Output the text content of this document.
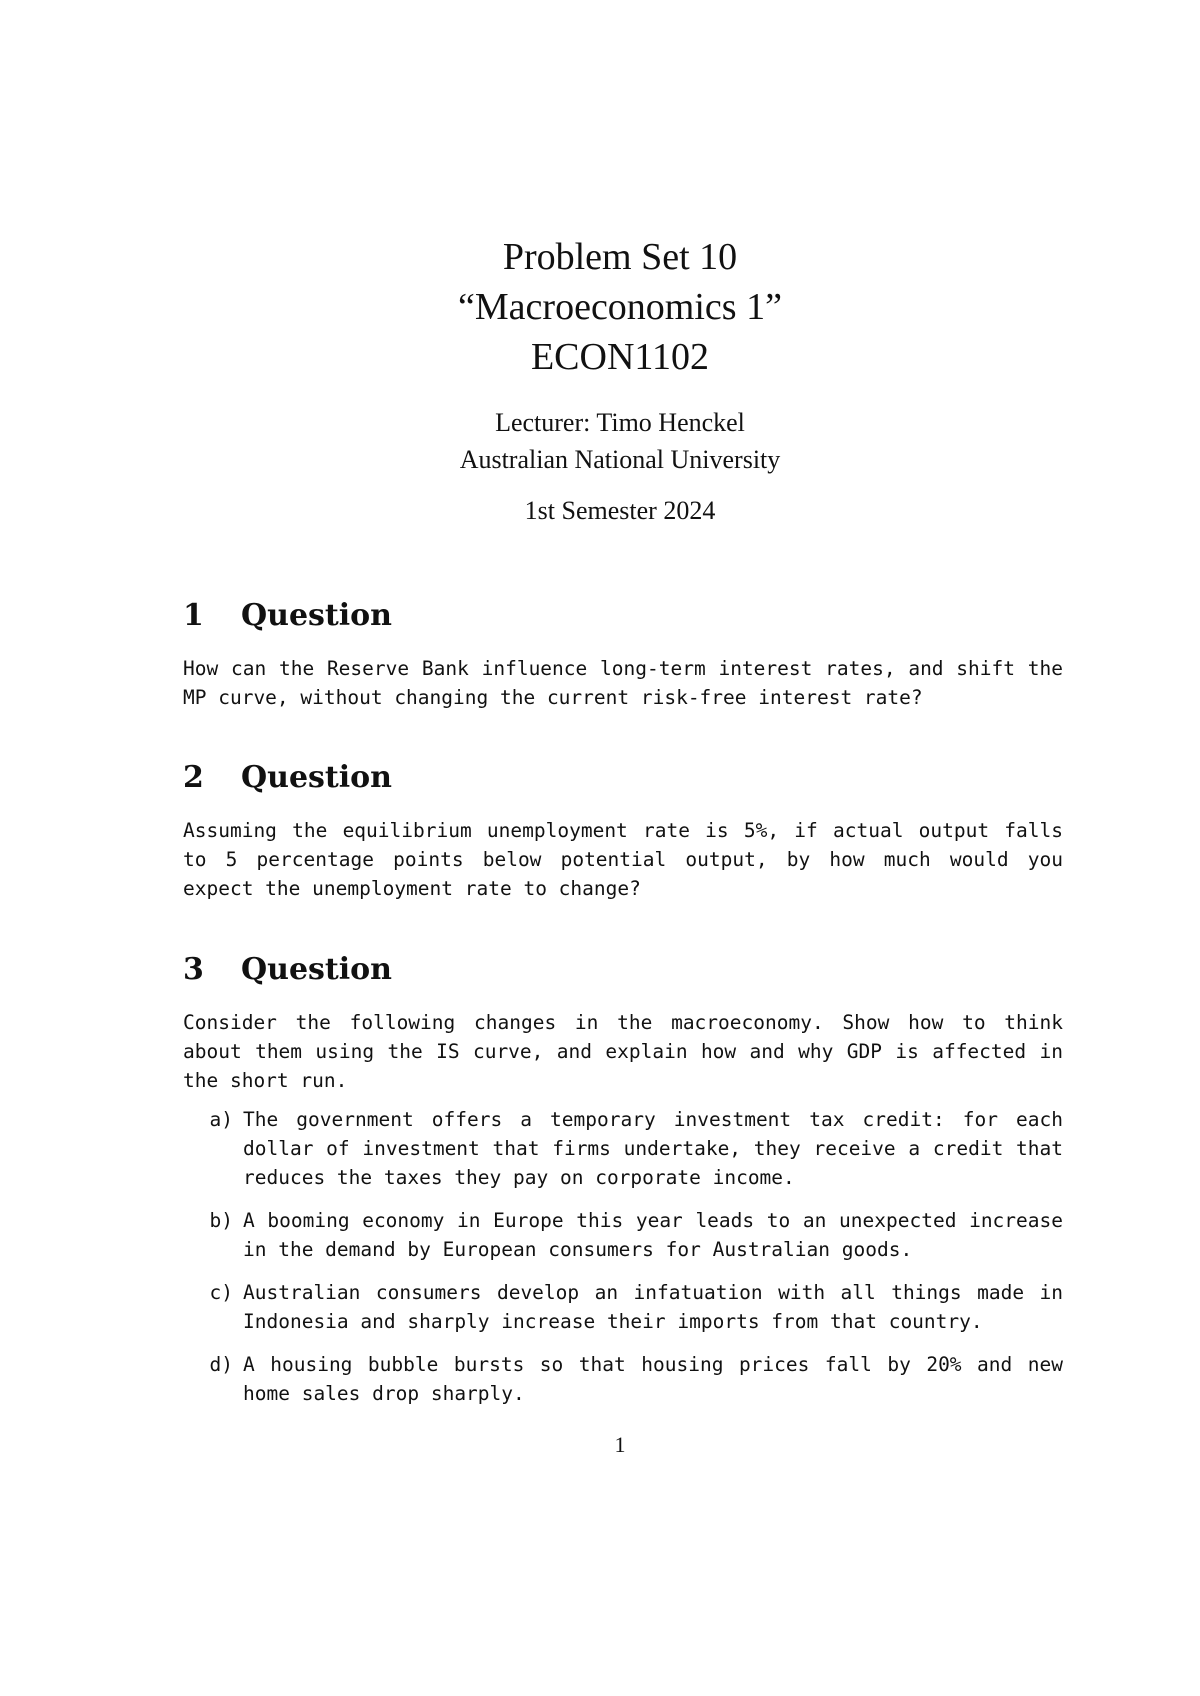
Problem Set 10

“Macroeconomics 1”

ECON1102

Lecturer: Timo Henckel

Australian National University

1st Semester 2024

1	Question

How can the Reserve Bank influence long-term interest rates, and shift the MP curve, without changing the current risk-free interest rate?

2	Question

Assuming the equilibrium unemployment rate is 5%, if actual output falls to 5 percentage points below potential output, by how much would you expect the unemployment rate to change?

3	Question

Consider the following changes in the macroeconomy. Show how to think about them using the IS curve, and explain how and why GDP is affected in the short run.

a) The government offers a temporary investment tax credit: for each dollar of investment that firms undertake, they receive a credit that reduces the taxes they pay on corporate income.
b) A booming economy in Europe this year leads to an unexpected increase in the demand by European consumers for Australian goods.
c) Australian consumers develop an infatuation with all things made in Indonesia and sharply increase their imports from that country.
d) A housing bubble bursts so that housing prices fall by 20% and new home sales drop sharply.
1
